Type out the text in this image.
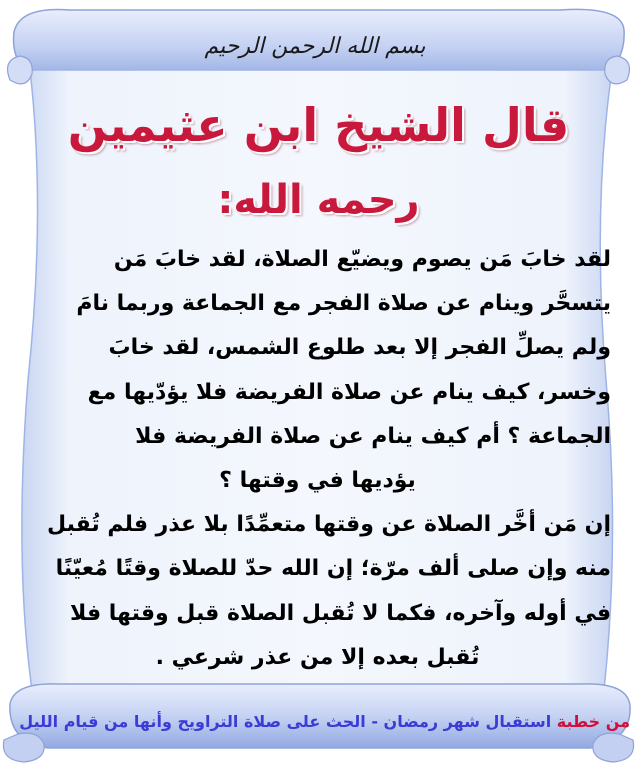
بسم الله الرحمن الرحيم
قال الشيخ ابن عثيمين
رحمه الله:
لقد خابَ مَن يصوم ويضيّع الصلاة، لقد خابَ مَن
يتسحَّر وينام عن صلاة الفجر مع الجماعة وربما نامَ
ولم يصلِّ الفجر إلا بعد طلوع الشمس، لقد خابَ
وخسر، كيف ينام عن صلاة الفريضة فلا يؤدّيها مع
الجماعة ؟ أم كيف ينام عن صلاة الفريضة فلا
يؤديها في وقتها ؟
إن مَن أخَّر الصلاة عن وقتها متعمِّدًا بلا عذر فلم تُقبل
منه وإن صلى ألف مرّة؛ إن الله حدّ للصلاة وقتًا مُعيّنًا
في أوله وآخره، فكما لا تُقبل الصلاة قبل وقتها فلا
تُقبل بعده إلا من عذر شرعي .
من خطبة استقبال شهر رمضان - الحث على صلاة التراويح وأنها من قيام الليل
